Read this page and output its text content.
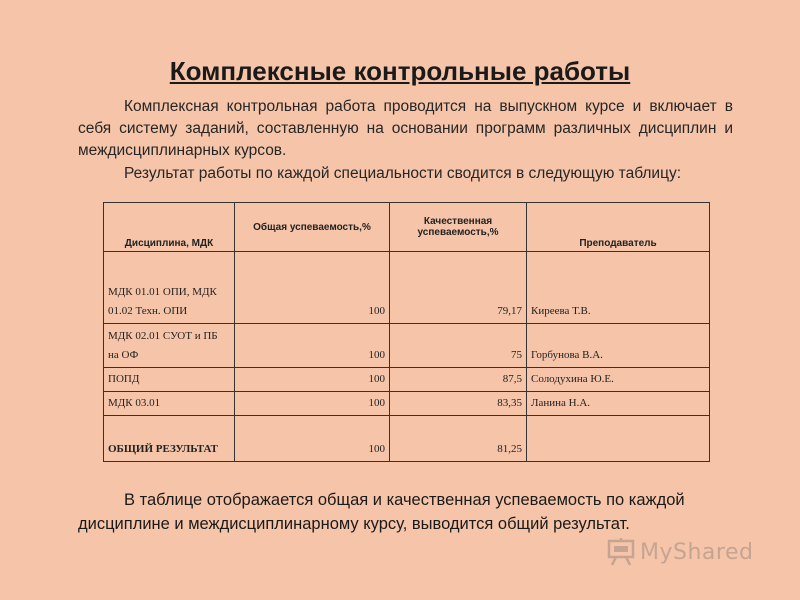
Комплексные контрольные работы
Комплексная контрольная работа проводится на выпускном курсе и включает в себя систему заданий, составленную на основании программ различных дисциплин и междисциплинарных курсов.
Результат работы по каждой специальности сводится в следующую таблицу:
Дисциплина, МДК	Общая успеваемость,%	Качественная успеваемость,%	Преподаватель
МДК 01.01 ОПИ, МДК 01.02 Техн. ОПИ	100	79,17	Киреева Т.В.
МДК 02.01 СУОТ и ПБ на ОФ	100	75	Горбунова В.А.
ПОПД	100	87,5	Солодухина Ю.Е.
МДК 03.01	100	83,35	Ланина Н.А.
ОБЩИЙ РЕЗУЛЬТАТ	100	81,25	
В таблице отображается общая и качественная успеваемость по каждой дисциплине и междисциплинарному курсу, выводится общий результат.
MyShared
